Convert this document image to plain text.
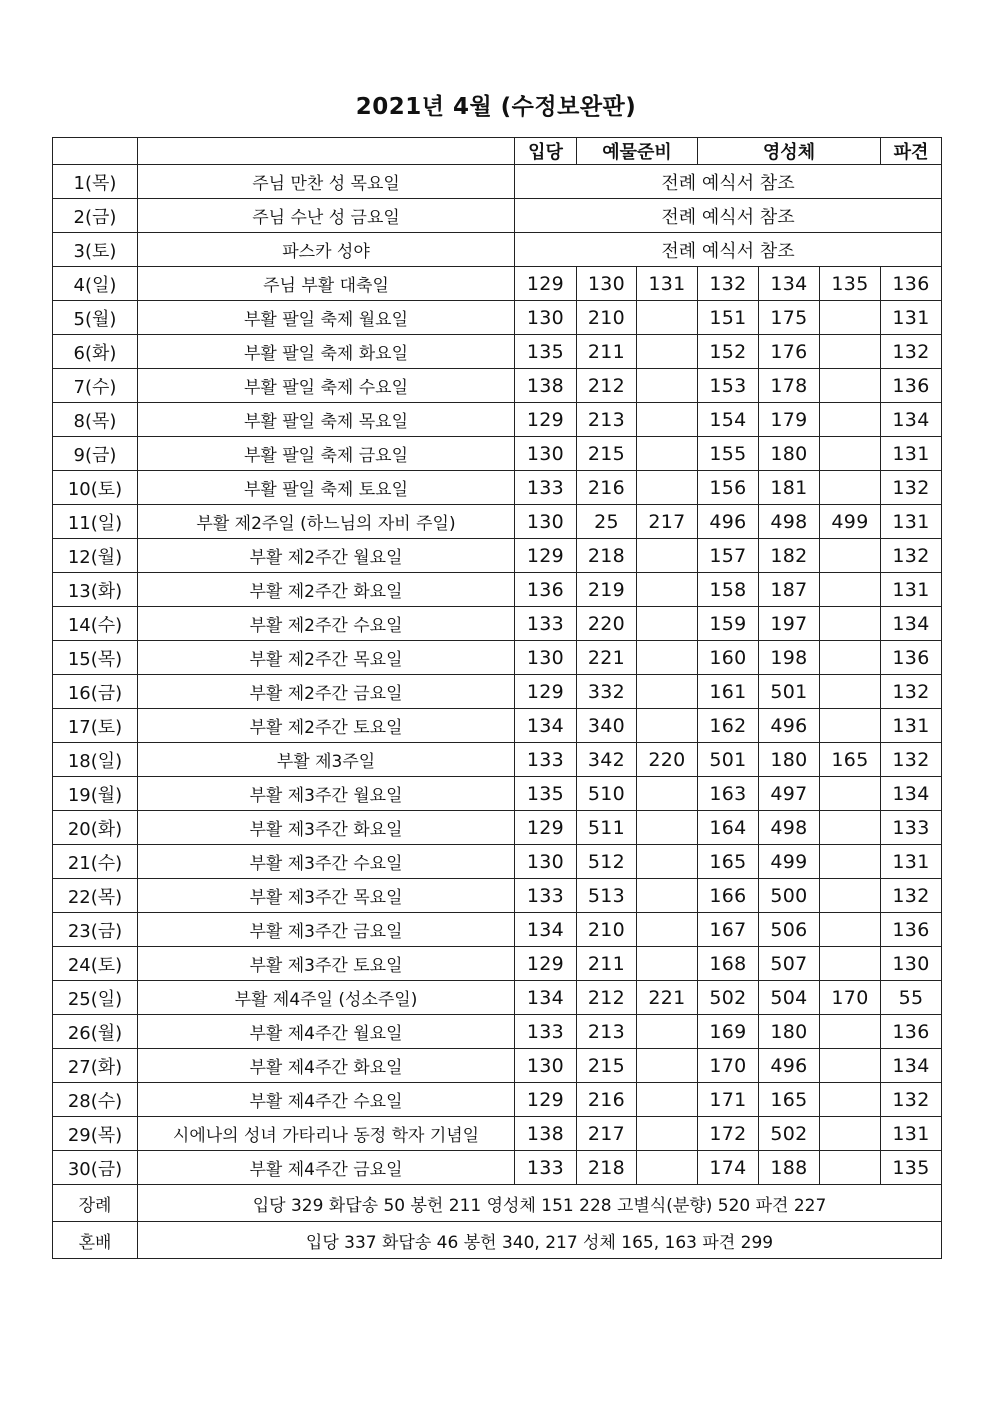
2021년 4월 (수정보완판)
		입당	예물준비		영성체			파견
1(목)	주님 만찬 성 목요일	전례 예식서 참조						
2(금)	주님 수난 성 금요일	전례 예식서 참조						
3(토)	파스카 성야	전례 예식서 참조						
4(일)	주님 부활 대축일	129	130	131	132	134	135	136
5(월)	부활 팔일 축제 월요일	130	210		151	175		131
6(화)	부활 팔일 축제 화요일	135	211		152	176		132
7(수)	부활 팔일 축제 수요일	138	212		153	178		136
8(목)	부활 팔일 축제 목요일	129	213		154	179		134
9(금)	부활 팔일 축제 금요일	130	215		155	180		131
10(토)	부활 팔일 축제 토요일	133	216		156	181		132
11(일)	부활 제2주일 (하느님의 자비 주일)	130	25	217	496	498	499	131
12(월)	부활 제2주간 월요일	129	218		157	182		132
13(화)	부활 제2주간 화요일	136	219		158	187		131
14(수)	부활 제2주간 수요일	133	220		159	197		134
15(목)	부활 제2주간 목요일	130	221		160	198		136
16(금)	부활 제2주간 금요일	129	332		161	501		132
17(토)	부활 제2주간 토요일	134	340		162	496		131
18(일)	부활 제3주일	133	342	220	501	180	165	132
19(월)	부활 제3주간 월요일	135	510		163	497		134
20(화)	부활 제3주간 화요일	129	511		164	498		133
21(수)	부활 제3주간 수요일	130	512		165	499		131
22(목)	부활 제3주간 목요일	133	513		166	500		132
23(금)	부활 제3주간 금요일	134	210		167	506		136
24(토)	부활 제3주간 토요일	129	211		168	507		130
25(일)	부활 제4주일 (성소주일)	134	212	221	502	504	170	55
26(월)	부활 제4주간 월요일	133	213		169	180		136
27(화)	부활 제4주간 화요일	130	215		170	496		134
28(수)	부활 제4주간 수요일	129	216		171	165		132
29(목)	시에나의 성녀 가타리나 동정 학자 기념일	138	217		172	502		131
30(금)	부활 제4주간 금요일	133	218		174	188		135
장례	입당 329 화답송 50 봉헌 211 영성체 151 228 고별식(분향) 520 파견 227							
혼배	입당 337 화답송 46 봉헌 340, 217 성체 165, 163 파견 299							
